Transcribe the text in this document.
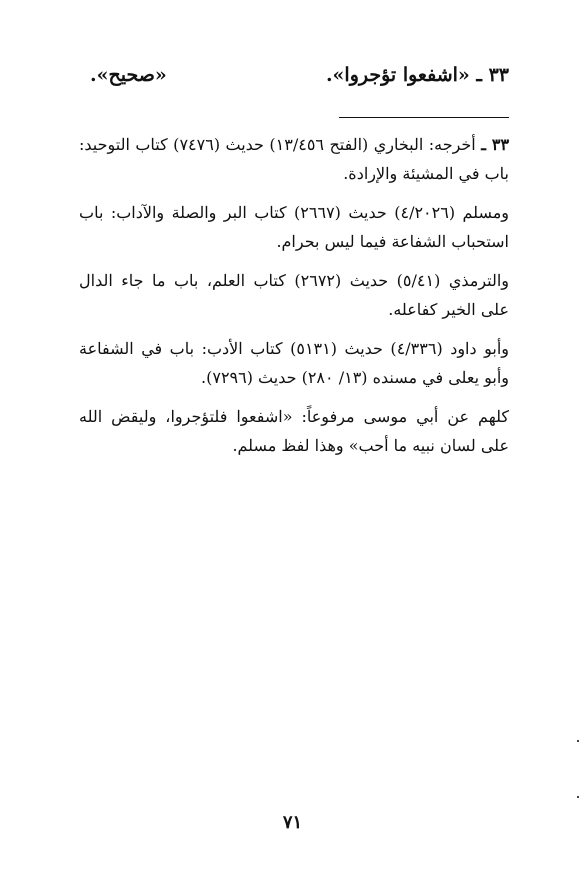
٣٣ ـ «اشفعوا تؤجروا».
«صحيح».

٣٣ ـ أخرجه: البخاري (الفتح ١٣/٤٥٦) حديث (٧٤٧٦) كتاب التوحيد: باب في المشيئة والإرادة.

ومسلم (٤/٢٠٢٦) حديث (٢٦٦٧) كتاب البر والصلة والآداب: باب استحباب الشفاعة فيما ليس بحرام.

والترمذي (٥/٤١) حديث (٢٦٧٢) كتاب العلم، باب ما جاء الدال على الخير كفاعله.

وأبو داود (٤/٣٣٦) حديث (٥١٣١) كتاب الأدب: باب في الشفاعة وأبو يعلى في مسنده (١٣/ ٢٨٠) حديث (٧٢٩٦).

كلهم عن أبي موسى مرفوعاً: «اشفعوا فلتؤجروا، وليقض الله على لسان نبيه ما أحب» وهذا لفظ مسلم.

٧١
